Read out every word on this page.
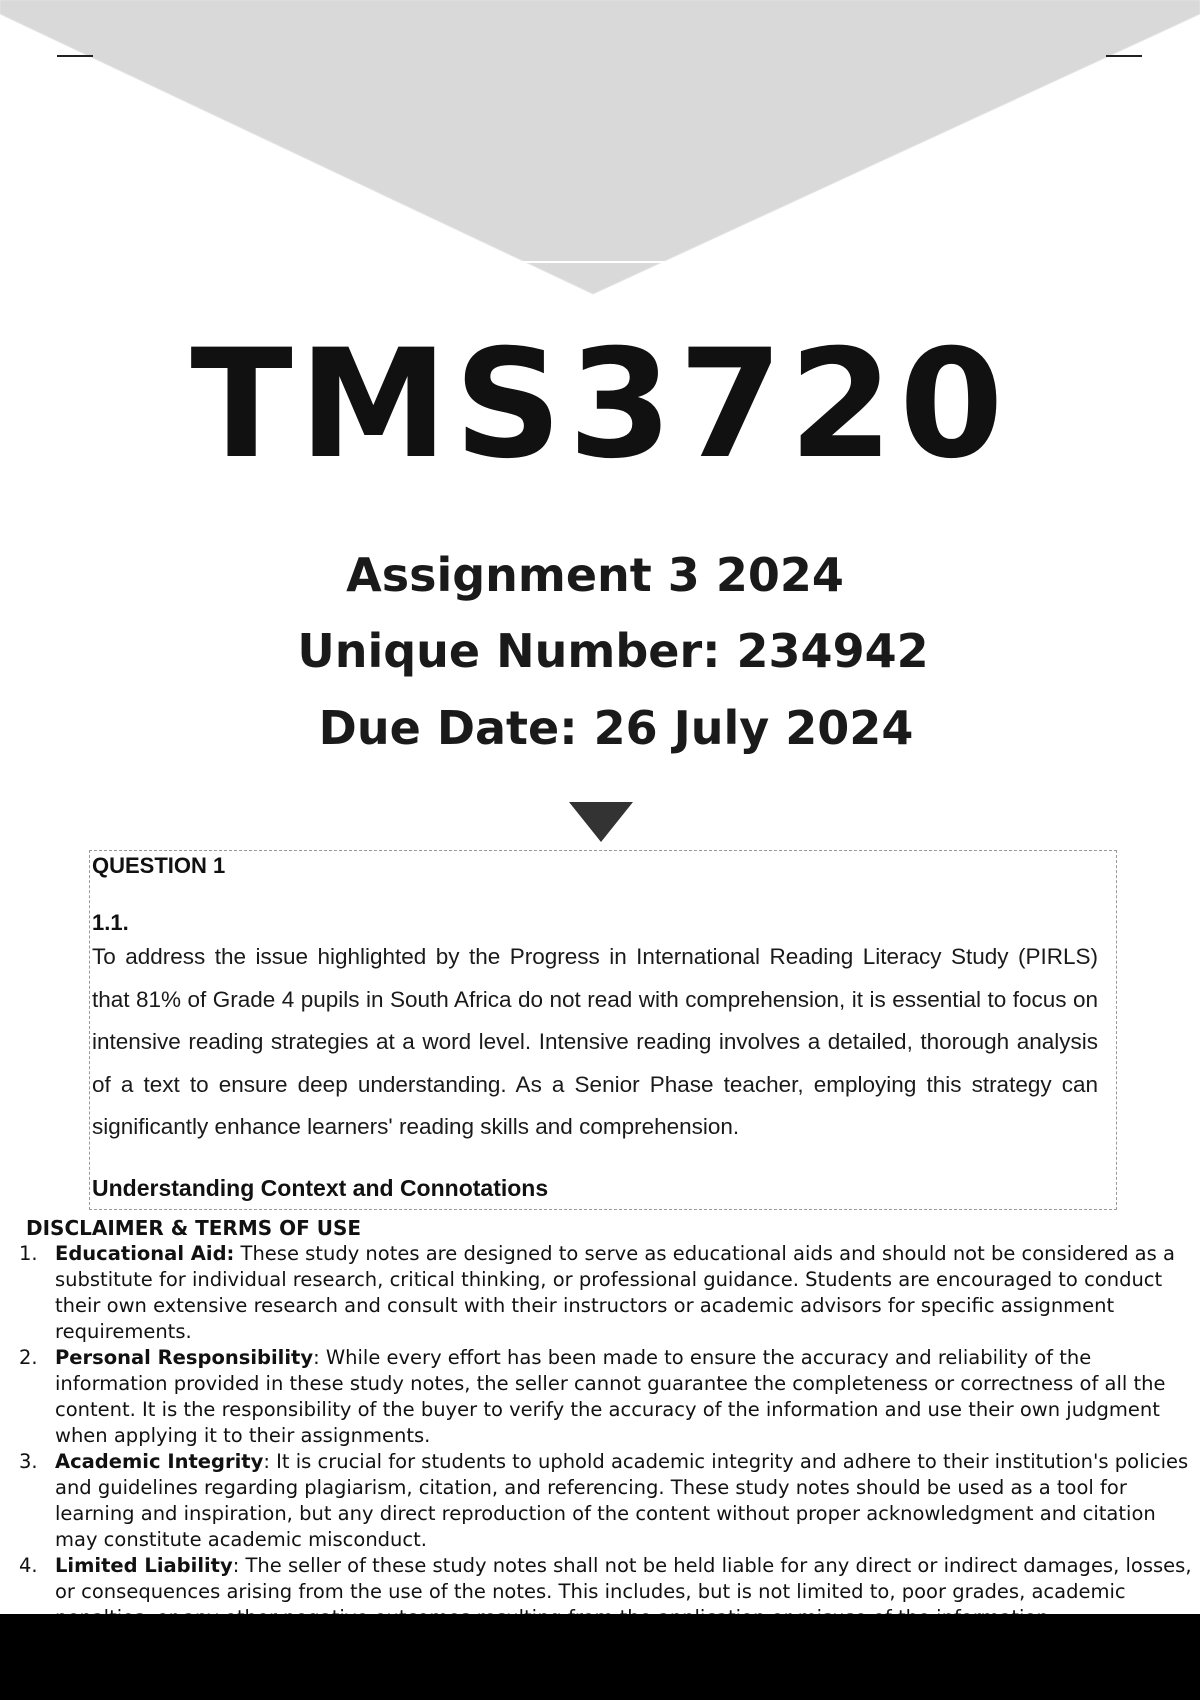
TMS3720
Assignment 3 2024
Unique Number: 234942
Due Date: 26 July 2024
QUESTION 1
1.1.
To address the issue highlighted by the Progress in International Reading Literacy Study (PIRLS) that 81% of Grade 4 pupils in South Africa do not read with comprehension, it is essential to focus on intensive reading strategies at a word level. Intensive reading involves a detailed, thorough analysis of a text to ensure deep understanding. As a Senior Phase teacher, employing this strategy can significantly enhance learners' reading skills and comprehension.
Understanding Context and Connotations
DISCLAIMER & TERMS OF USE
1. Educational Aid: These study notes are designed to serve as educational aids and should not be considered as a substitute for individual research, critical thinking, or professional guidance. Students are encouraged to conduct their own extensive research and consult with their instructors or academic advisors for specific assignment requirements.
2. Personal Responsibility: While every effort has been made to ensure the accuracy and reliability of the information provided in these study notes, the seller cannot guarantee the completeness or correctness of all the content. It is the responsibility of the buyer to verify the accuracy of the information and use their own judgment when applying it to their assignments.
3. Academic Integrity: It is crucial for students to uphold academic integrity and adhere to their institution's policies and guidelines regarding plagiarism, citation, and referencing. These study notes should be used as a tool for learning and inspiration, but any direct reproduction of the content without proper acknowledgment and citation may constitute academic misconduct.
4. Limited Liability: The seller of these study notes shall not be held liable for any direct or indirect damages, losses, or consequences arising from the use of the notes. This includes, but is not limited to, poor grades, academic
